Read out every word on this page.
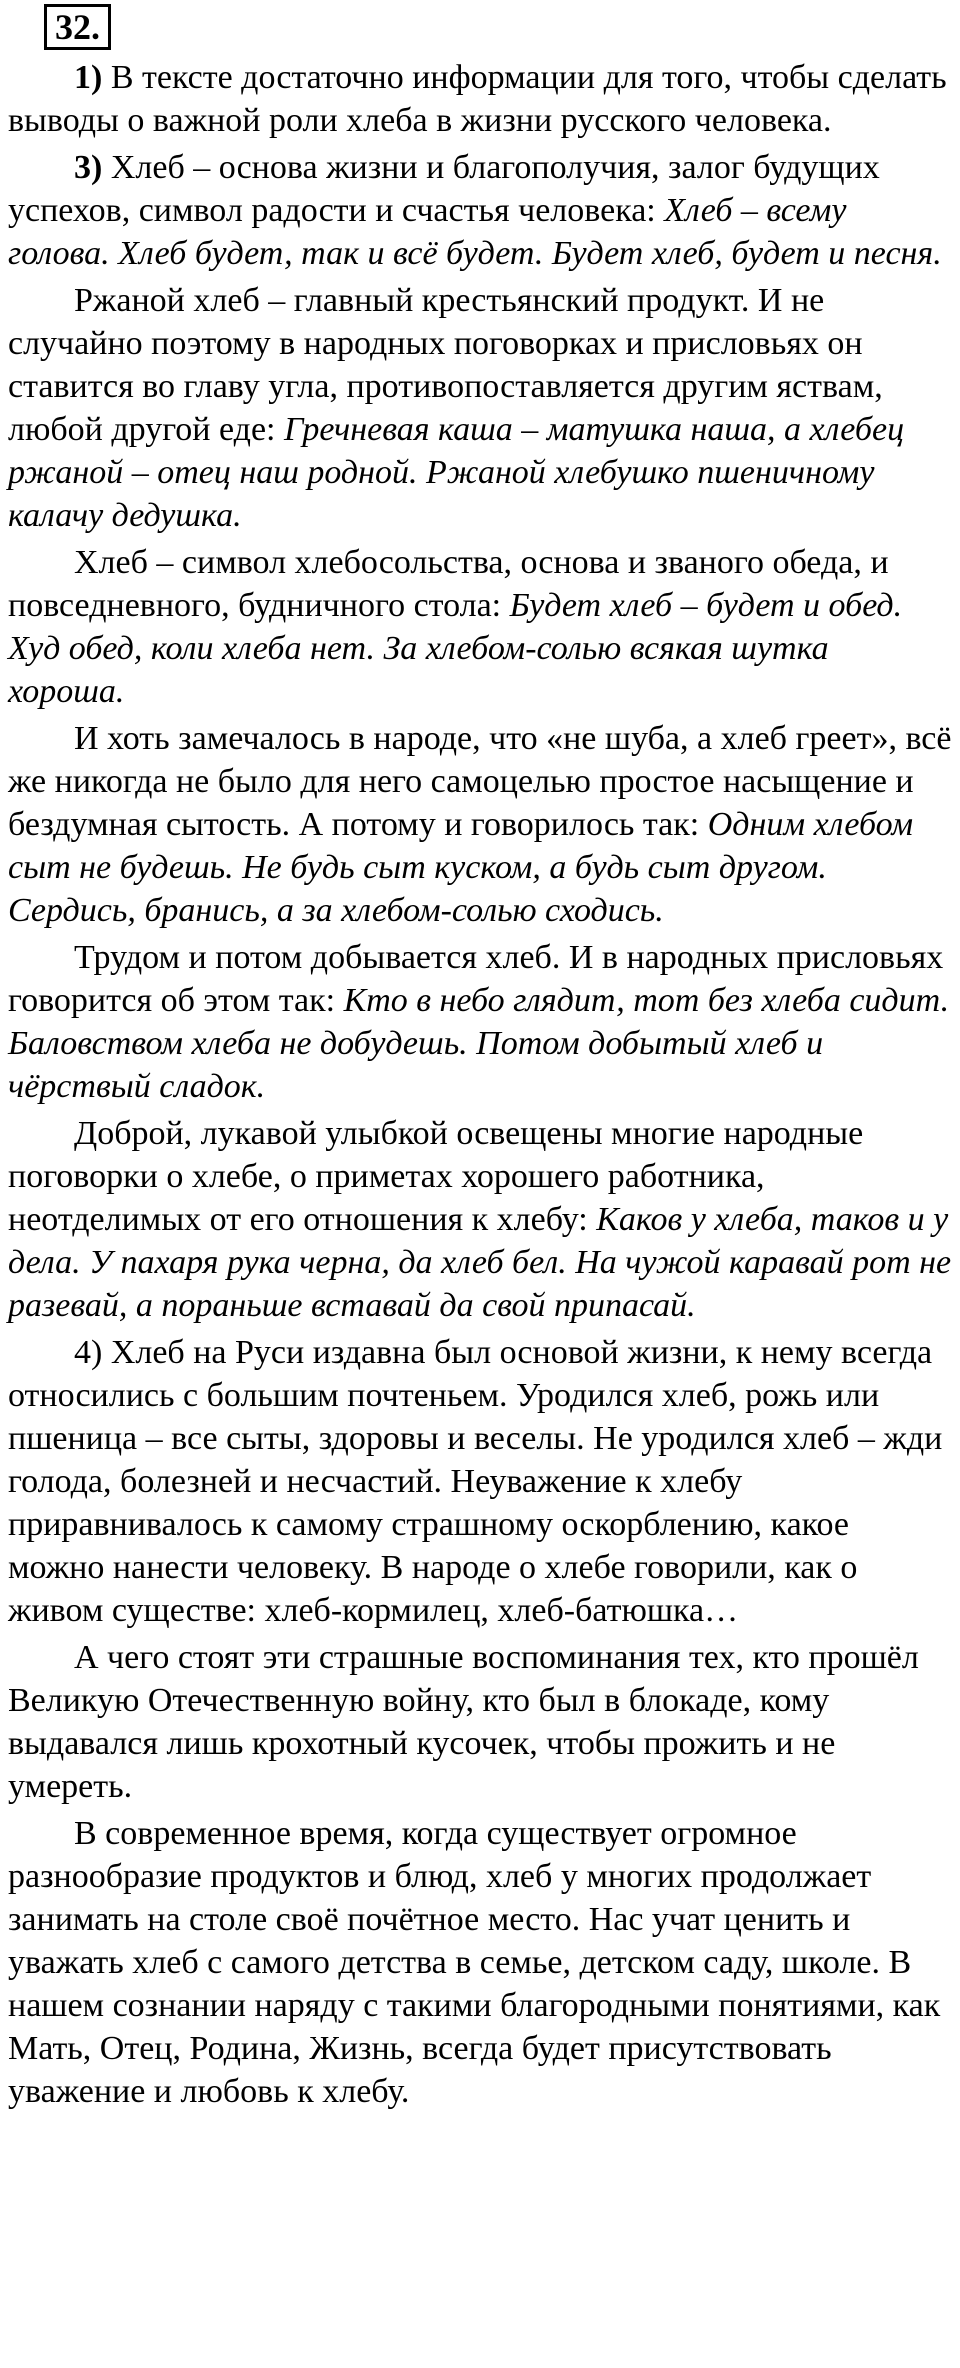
32.

1) В тексте достаточно информации для того, чтобы сделать выводы о важной роли хлеба в жизни русского человека.

3) Хлеб – основа жизни и благополучия, залог будущих успехов, символ радости и счастья человека: Хлеб – всему голова. Хлеб будет, так и всё будет. Будет хлеб, будет и песня.

Ржаной хлеб – главный крестьянский продукт. И не случайно поэтому в народных поговорках и присловьях он ставится во главу угла, противопоставляется другим яствам, любой другой еде: Гречневая каша – матушка наша, а хлебец ржаной – отец наш родной. Ржаной хлебушко пшеничному калачу дедушка.

Хлеб – символ хлебосольства, основа и званого обеда, и повседневного, будничного стола: Будет хлеб – будет и обед. Худ обед, коли хлеба нет. За хлебом-солью всякая шутка хороша.

И хоть замечалось в народе, что «не шуба, а хлеб греет», всё же никогда не было для него самоцелью простое насыщение и бездумная сытость. А потому и говорилось так: Одним хлебом сыт не будешь. Не будь сыт куском, а будь сыт другом. Сердись, бранись, а за хлебом-солью сходись.

Трудом и потом добывается хлеб. И в народных присловьях говорится об этом так: Кто в небо глядит, тот без хлеба сидит. Баловством хлеба не добудешь. Потом добытый хлеб и чёрствый сладок.

Доброй, лукавой улыбкой освещены многие народные поговорки о хлебе, о приметах хорошего работника, неотделимых от его отношения к хлебу: Каков у хлеба, таков и у дела. У пахаря рука черна, да хлеб бел. На чужой каравай рот не разевай, а пораньше вставай да свой припасай.

4) Хлеб на Руси издавна был основой жизни, к нему всегда относились с большим почтеньем. Уродился хлеб, рожь или пшеница – все сыты, здоровы и веселы. Не уродился хлеб – жди голода, болезней и несчастий. Неуважение к хлебу приравнивалось к самому страшному оскорблению, какое можно нанести человеку. В народе о хлебе говорили, как о живом существе: хлеб-кормилец, хлеб-батюшка…

А чего стоят эти страшные воспоминания тех, кто прошёл Великую Отечественную войну, кто был в блокаде, кому выдавался лишь крохотный кусочек, чтобы прожить и не умереть.

В современное время, когда существует огромное разнообразие продуктов и блюд, хлеб у многих продолжает занимать на столе своё почётное место. Нас учат ценить и уважать хлеб с самого детства в семье, детском саду, школе. В нашем сознании наряду с такими благородными понятиями, как Мать, Отец, Родина, Жизнь, всегда будет присутствовать уважение и любовь к хлебу.
